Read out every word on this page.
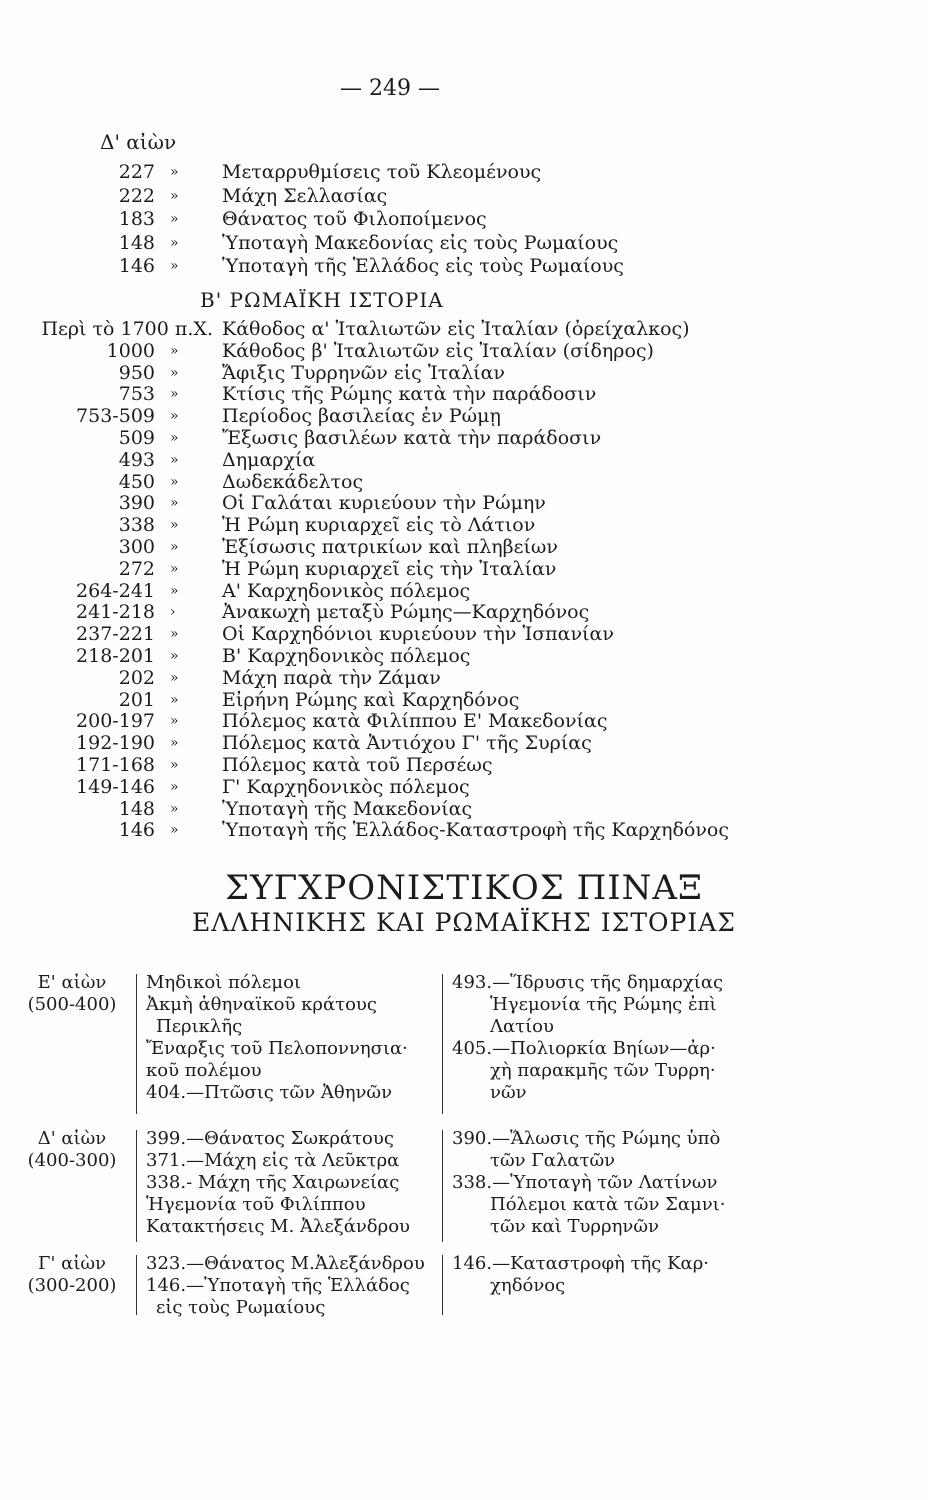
— 249 —
Δ' αἰὼν
227 » Μεταρρυθμίσεις τοῦ Κλεομένους
222 » Μάχη Σελλασίας
183 » Θάνατος τοῦ Φιλοποίμενος
148 » Ὑποταγὴ Μακεδονίας εἰς τοὺς Ρωμαίους
146 » Ὑποταγὴ τῆς Ἑλλάδος εἰς τοὺς Ρωμαίους
Β' ΡΩΜΑΪΚΗ ΙΣΤΟΡΙΑ
Περὶ τὸ 1700 π.Χ. Κάθοδος α' Ἰταλιωτῶν εἰς Ἰταλίαν (ὀρείχαλκος)
1000 » Κάθοδος β' Ἰταλιωτῶν εἰς Ἰταλίαν (σίδηρος)
950 » Ἄφιξις Τυρρηνῶν εἰς Ἰταλίαν
753 » Κτίσις τῆς Ρώμης κατὰ τὴν παράδοσιν
753-509 » Περίοδος βασιλείας ἐν Ρώμῃ
509 » Ἔξωσις βασιλέων κατὰ τὴν παράδοσιν
493 » Δημαρχία
450 » Δωδεκάδελτος
390 » Οἱ Γαλάται κυριεύουν τὴν Ρώμην
338 » Ἡ Ρώμη κυριαρχεῖ εἰς τὸ Λάτιον
300 » Ἐξίσωσις πατρικίων καὶ πληβείων
272 » Ἡ Ρώμη κυριαρχεῖ εἰς τὴν Ἰταλίαν
264-241 » Α' Καρχηδονικὸς πόλεμος
241-218 › Ἀνακωχὴ μεταξὺ Ρώμης—Καρχηδόνος
237-221 » Οἱ Καρχηδόνιοι κυριεύουν τὴν Ἱσπανίαν
218-201 » Β' Καρχηδονικὸς πόλεμος
202 » Μάχη παρὰ τὴν Ζάμαν
201 » Εἰρήνη Ρώμης καὶ Καρχηδόνος
200-197 » Πόλεμος κατὰ Φιλίππου Ε' Μακεδονίας
192-190 » Πόλεμος κατὰ Ἀντιόχου Γ' τῆς Συρίας
171-168 » Πόλεμος κατὰ τοῦ Περσέως
149-146 » Γ' Καρχηδονικὸς πόλεμος
148 » Ὑποταγὴ τῆς Μακεδονίας
146 » Ὑποταγὴ τῆς Ἑλλάδος-Καταστροφὴ τῆς Καρχηδόνος
ΣΥΓΧΡΟΝΙΣΤΙΚΟΣ ΠΙΝΑΞ
ΕΛΛΗΝΙΚΗΣ ΚΑΙ ΡΩΜΑΪΚΗΣ ΙΣΤΟΡΙΑΣ
Ε' αἰὼν
(500-400)
Μηδικοὶ πόλεμοι
Ἀκμὴ ἀθηναϊκοῦ κράτους
Περικλῆς
Ἔναρξις τοῦ Πελοποννησια·
κοῦ πολέμου
404.—Πτῶσις τῶν Ἀθηνῶν
493.—Ἵδρυσις τῆς δημαρχίας
Ἡγεμονία τῆς Ρώμης ἐπὶ
Λατίου
405.—Πολιορκία Βηίων—ἀρ·
χὴ παρακμῆς τῶν Τυρρη·
νῶν
Δ' αἰὼν
(400-300)
399.—Θάνατος Σωκράτους
371.—Μάχη εἰς τὰ Λεῦκτρα
338.- Μάχη τῆς Χαιρωνείας
Ἡγεμονία τοῦ Φιλίππου
Κατακτήσεις Μ. Ἀλεξάνδρου
390.—Ἅλωσις τῆς Ρώμης ὑπὸ
τῶν Γαλατῶν
338.—Ὑποταγὴ τῶν Λατίνων
Πόλεμοι κατὰ τῶν Σαμνι·
τῶν καὶ Τυρρηνῶν
Γ' αἰὼν
(300-200)
323.—Θάνατος Μ.Ἀλεξάνδρου
146.—Ὑποταγὴ τῆς Ἑλλάδος
εἰς τοὺς Ρωμαίους
146.—Καταστροφὴ τῆς Καρ·
χηδόνος
